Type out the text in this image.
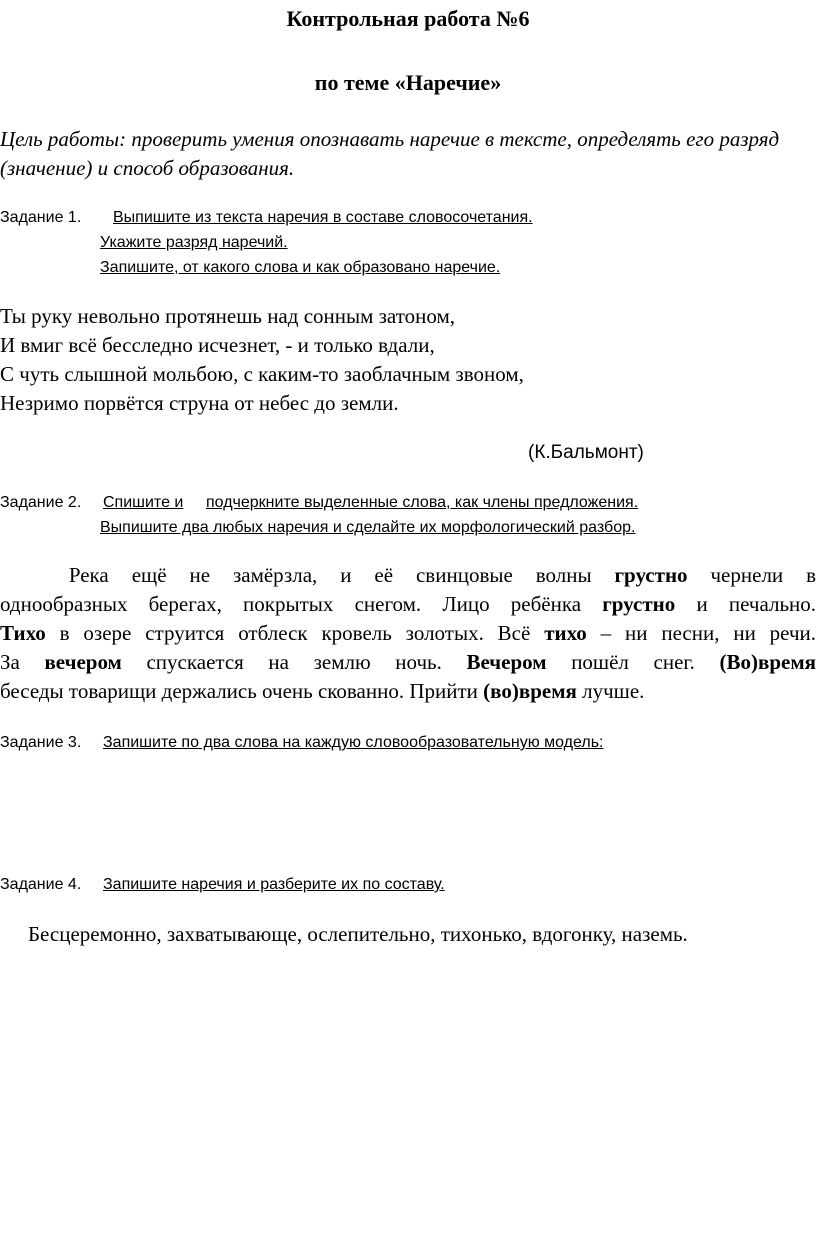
Контрольная работа №6
по теме «Наречие»

Цель работы: проверить умения опознавать наречие в тексте, определять его разряд (значение) и способ образования.

Задание 1. Выпишите из текста наречия в составе словосочетания.
Укажите разряд наречий.
Запишите, от какого слова и как образовано наречие.
Ты руку невольно протянешь над сонным затоном,
И вмиг всё бесследно исчезнет, - и только вдали,
С чуть слышной мольбою, с каким-то заоблачным звоном,
Незримо порвётся струна от небес до земли.
(К.Бальмонт)
Задание 2. Спишите и подчеркните выделенные слова, как члены предложения.
Выпишите два любых наречия и сделайте их морфологический разбор.
Река ещё не замёрзла, и её свинцовые волны грустно чернели в
однообразных берегах, покрытых снегом. Лицо ребёнка грустно и печально.
Тихо в озере струится отблеск кровель золотых. Всё тихо – ни песни, ни речи.
За вечером спускается на землю ночь. Вечером пошёл снег. (Во)время
беседы товарищи держались очень скованно. Прийти (во)время лучше.
Задание 3. Запишите по два слова на каждую словообразовательную модель:
Задание 4. Запишите наречия и разберите их по составу.
Бесцеремонно, захватывающе, ослепительно, тихонько, вдогонку, наземь.
